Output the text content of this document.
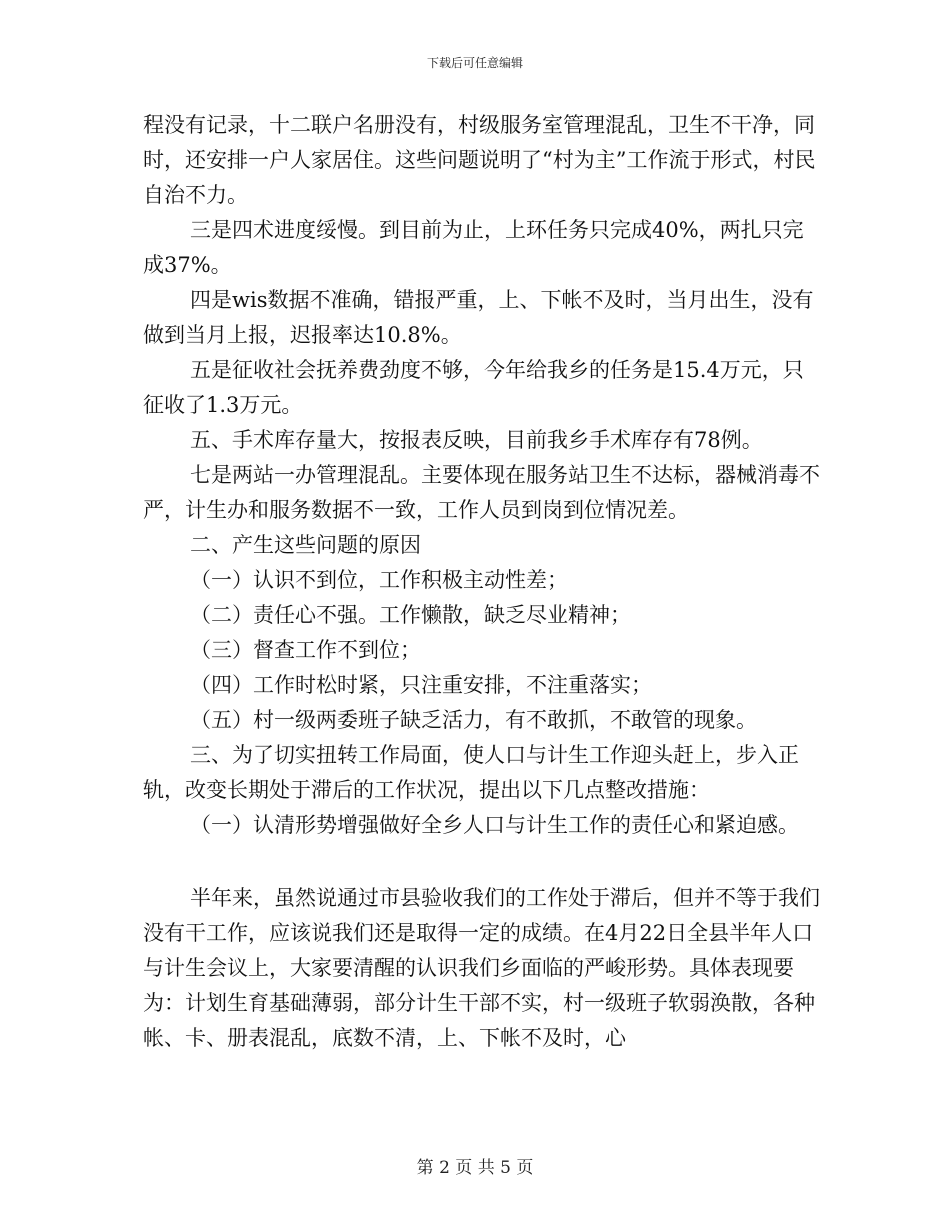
下载后可任意编辑

程没有记录，十二联户名册没有，村级服务室管理混乱，卫生不干净，同时，还安排一户人家居住。这些问题说明了“村为主”工作流于形式，村民自治不力。

三是四术进度绥慢。到目前为止，上环任务只完成40%，两扎只完成37%。

四是wis数据不准确，错报严重，上、下帐不及时，当月出生，没有做到当月上报，迟报率达10.8%。

五是征收社会抚养费劲度不够，今年给我乡的任务是15.4万元，只征收了1.3万元。

五、手术库存量大，按报表反映，目前我乡手术库存有78例。

七是两站一办管理混乱。主要体现在服务站卫生不达标，器械消毒不严，计生办和服务数据不一致，工作人员到岗到位情况差。

二、产生这些问题的原因

（一）认识不到位，工作积极主动性差；

（二）责任心不强。工作懒散，缺乏尽业精神；

（三）督查工作不到位；

（四）工作时松时紧，只注重安排，不注重落实；

（五）村一级两委班子缺乏活力，有不敢抓，不敢管的现象。

三、为了切实扭转工作局面，使人口与计生工作迎头赶上，步入正轨，改变长期处于滞后的工作状况，提出以下几点整改措施：

（一）认清形势增强做好全乡人口与计生工作的责任心和紧迫感。

半年来，虽然说通过市县验收我们的工作处于滞后，但并不等于我们没有干工作，应该说我们还是取得一定的成绩。在4月22日全县半年人口与计生会议上，大家要清醒的认识我们乡面临的严峻形势。具体表现要为：计划生育基础薄弱，部分计生干部不实，村一级班子软弱涣散，各种帐、卡、册表混乱，底数不清，上、下帐不及时，心

第 2 页 共 5 页
